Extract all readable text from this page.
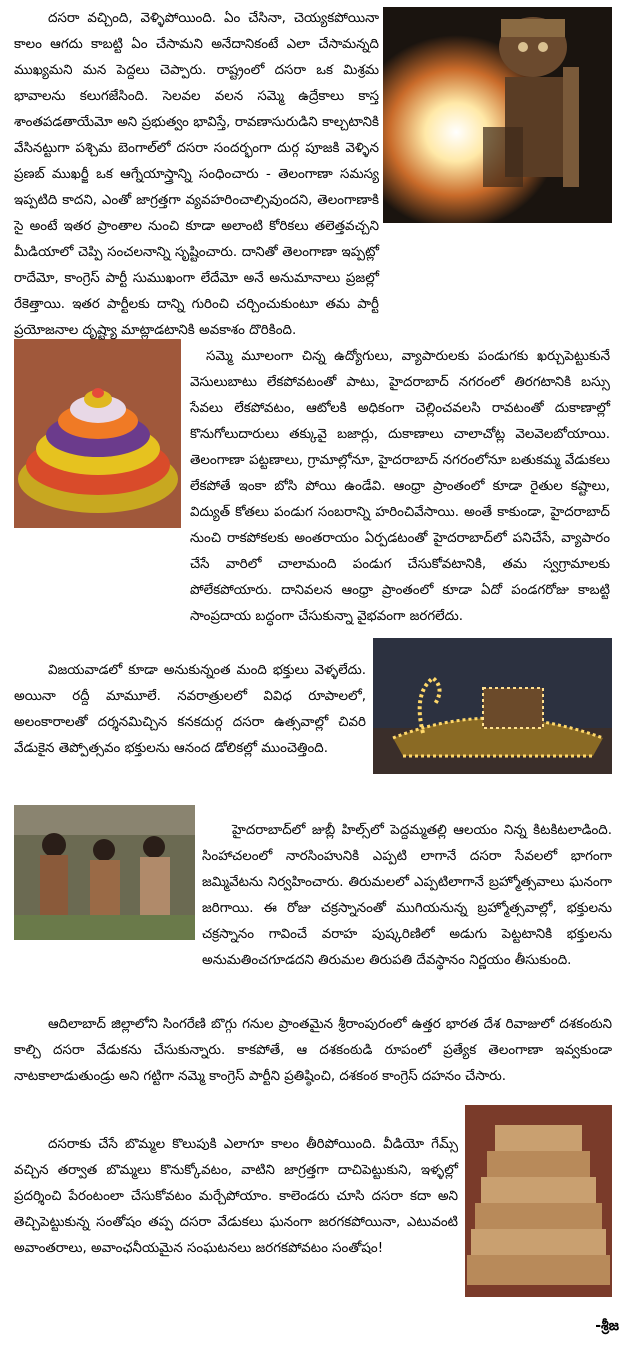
దసరా వచ్చింది, వెళ్ళిపోయింది. ఏం చేసినా, చెయ్యకపోయినా కాలం ఆగదు కాబట్టి ఏం చేసామని అనేదానికంటే ఎలా చేసామన్నది ముఖ్యమని మన పెద్దలు చెప్పారు. రాష్ట్రంలో దసరా ఒక మిశ్రమ భావాలను కలుగజేసింది. సెలవల వలన సమ్మె ఉద్రేకాలు కాస్త శాంతపడతాయేమో అని ప్రభుత్వం భావిస్తే, రావణాసురుడిని కాల్చటానికి వేసినట్టుగా పశ్చిమ బెంగాల్‌లో దసరా సందర్భంగా దుర్గ పూజకి వెళ్ళిన ప్రణబ్ ముఖర్జీ ఒక ఆగ్నేయాస్త్రాన్ని సంధించారు - తెలంగాణా సమస్య ఇప్పటిది కాదని, ఎంతో జాగ్రత్తగా వ్యవహరించాల్సివుందని, తెలంగాణాకి సై అంటే ఇతర ప్రాంతాల నుంచి కూడా అలాంటి కోరికలు తలెత్తవచ్చని మీడియాలో చెప్పి సంచలనాన్ని సృష్టించారు. దానితో తెలంగాణా ఇప్పట్లో రాదేమో, కాంగ్రెస్ పార్టీ సుముఖంగా లేదేమో అనే అనుమానాలు ప్రజల్లో రేకెత్తాయి. ఇతర పార్టీలకు దాన్ని గురించి చర్చించుకుంటూ తమ పార్టీ ప్రయోజనాల దృష్ట్యా మాట్లాడటానికి అవకాశం దొరికింది.
సమ్మె మూలంగా చిన్న ఉద్యోగులు, వ్యాపారులకు పండుగకు ఖర్చుపెట్టుకునే వెసులుబాటు లేకపోవటంతో పాటు, హైదరాబాద్ నగరంలో తిరగటానికి బస్సు సేవలు లేకపోవటం, ఆటోలకి అధికంగా చెల్లించవలసి రావటంతో దుకాణాల్లో కొనుగోలుదారులు తక్కువై బజార్లు, దుకాణాలు చాలాచోట్ల వెలవెలబోయాయి. తెలంగాణా పట్టణాలు, గ్రామాల్లోనూ, హైదరాబాద్ నగరంలోనూ బతుకమ్మ వేడుకలు లేకపోతే ఇంకా బోసి పోయి ఉండేవి. ఆంధ్రా ప్రాంతంలో కూడా రైతుల కష్టాలు, విద్యుత్ కోతలు పండుగ సంబరాన్ని హరించివేసాయి. అంతే కాకుండా, హైదరాబాద్ నుంచి రాకపోకలకు అంతరాయం ఏర్పడటంతో హైదరాబాద్‌లో పనిచేసే, వ్యాపారం చేసే వారిలో చాలామంది పండుగ చేసుకోవటానికి, తమ స్వగ్రామాలకు పోలేకపోయారు. దానివలన ఆంధ్రా ప్రాంతంలో కూడా ఏదో పండగరోజు కాబట్టి సాంప్రదాయ బద్ధంగా చేసుకున్నా వైభవంగా జరగలేదు.
విజయవాడలో కూడా అనుకున్నంత మంది భక్తులు వెళ్ళలేదు. అయినా రద్దీ మామూలే. నవరాత్రులలో వివిధ రూపాలలో, అలంకారాలతో దర్శనమిచ్చిన కనకదుర్గ దసరా ఉత్సవాల్లో చివరి వేడుకైన తెప్పోత్సవం భక్తులను ఆనంద డోలికల్లో ముంచెత్తింది.
హైదరాబాద్‌లో జుబ్లీ హిల్స్‌లో పెద్దమ్మతల్లి ఆలయం నిన్న కిటకిటలాడింది. సింహాచలంలో నారసింహునికి ఎప్పటి లాగానే దసరా సేవలలో భాగంగా జమ్మివేటను నిర్వహించారు. తిరుమలలో ఎప్పటిలాగానే బ్రహ్మోత్సవాలు ఘనంగా జరిగాయి. ఈ రోజు చక్రస్నానంతో ముగియనున్న బ్రహ్మోత్సవాల్లో, భక్తులను చక్రస్నానం గావించే వరాహ పుష్కరిణిలో అడుగు పెట్టటానికి భక్తులను అనుమతించగూడదని తిరుమల తిరుపతి దేవస్థానం నిర్ణయం తీసుకుంది.
ఆదిలాబాద్ జిల్లాలోని సింగరేణి బొగ్గు గనుల ప్రాంతమైన శ్రీరాంపురంలో ఉత్తర భారత దేశ రివాజులో దశకంఠుని కాల్చి దసరా వేడుకను చేసుకున్నారు. కాకపోతే, ఆ దశకంఠుడి రూపంలో ప్రత్యేక తెలంగాణా ఇవ్వకుండా నాటకాలాడుతుండ్రు అని గట్టిగా నమ్మె కాంగ్రెస్ పార్టీని ప్రతిష్ఠించి, దశకంఠ కాంగ్రెస్ దహనం చేసారు.
దసరాకు చేసే బొమ్మల కొలుపుకి ఎలాగూ కాలం తీరిపోయింది. వీడియో గేమ్స్ వచ్చిన తర్వాత బొమ్మలు కొనుక్కోవటం, వాటిని జాగ్రత్తగా దాచిపెట్టుకుని, ఇళ్ళల్లో ప్రదర్శించి పేరంటంలా చేసుకోవటం మర్చేపోయాం. కాలెండరు చూసి దసరా కదా అని తెచ్చిపెట్టుకున్న సంతోషం తప్ప దసరా వేడుకలు ఘనంగా జరగకపోయినా, ఎటువంటి అవాంతరాలు, అవాంఛనీయమైన సంఘటనలు జరగకపోవటం సంతోషం!
-శ్రీజ
